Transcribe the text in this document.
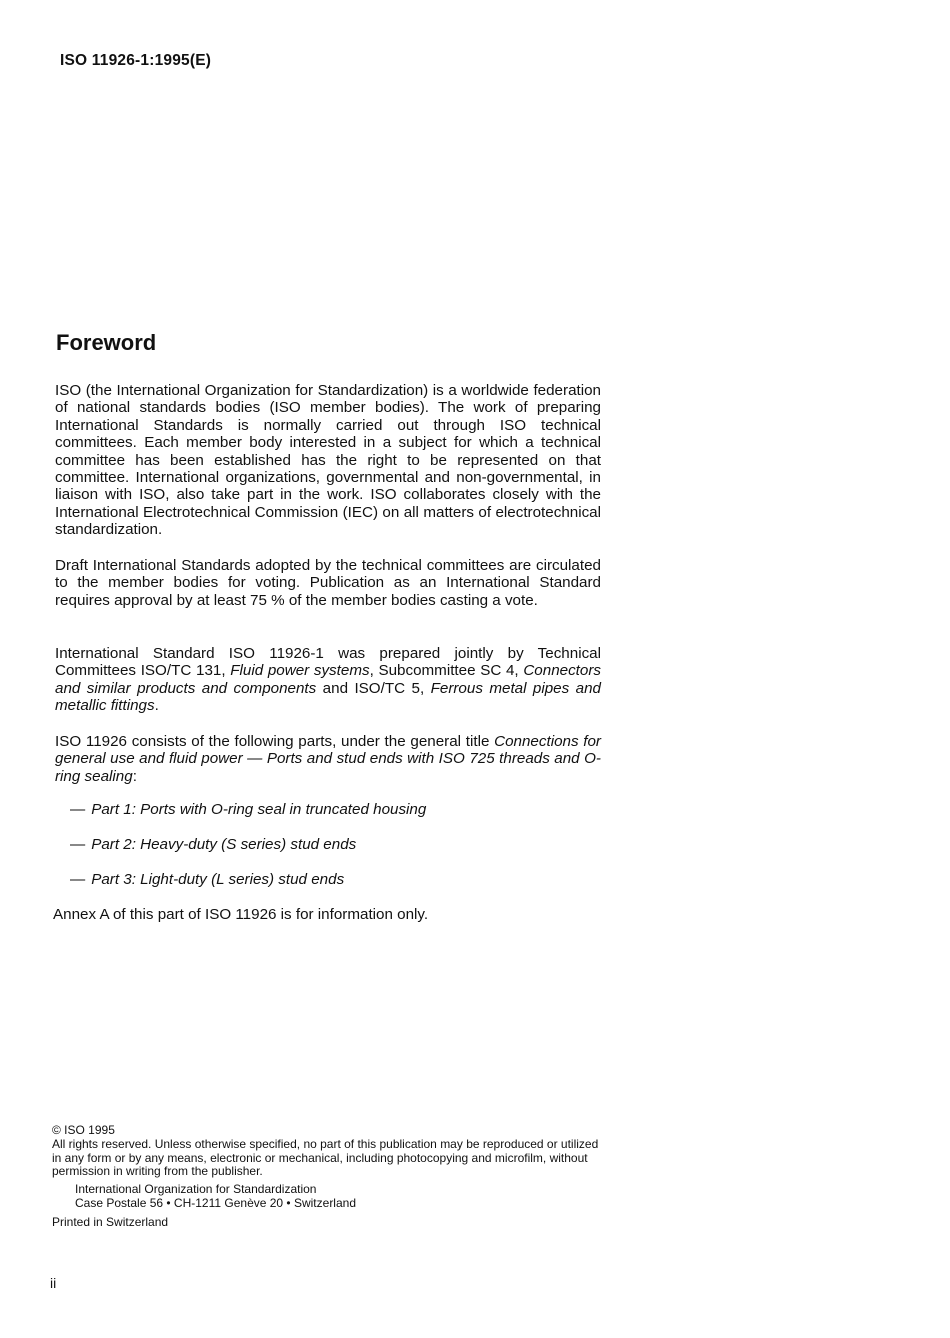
ISO 11926-1:1995(E)
Foreword
ISO (the International Organization for Standardization) is a worldwide federation of national standards bodies (ISO member bodies). The work of preparing International Standards is normally carried out through ISO technical committees. Each member body interested in a subject for which a technical committee has been established has the right to be represented on that committee. International organizations, governmental and non-governmental, in liaison with ISO, also take part in the work. ISO collaborates closely with the International Electrotechnical Commission (IEC) on all matters of electrotechnical standardization.
Draft International Standards adopted by the technical committees are circulated to the member bodies for voting. Publication as an International Standard requires approval by at least 75 % of the member bodies casting a vote.
International Standard ISO 11926-1 was prepared jointly by Technical Committees ISO/TC 131, Fluid power systems, Subcommittee SC 4, Connectors and similar products and components and ISO/TC 5, Ferrous metal pipes and metallic fittings.
ISO 11926 consists of the following parts, under the general title Connections for general use and fluid power — Ports and stud ends with ISO 725 threads and O-ring sealing:
— Part 1: Ports with O-ring seal in truncated housing
— Part 2: Heavy-duty (S series) stud ends
— Part 3: Light-duty (L series) stud ends
Annex A of this part of ISO 11926 is for information only.
© ISO 1995
All rights reserved. Unless otherwise specified, no part of this publication may be reproduced or utilized in any form or by any means, electronic or mechanical, including photocopying and microfilm, without permission in writing from the publisher.
International Organization for Standardization
Case Postale 56 • CH-1211 Genève 20 • Switzerland
Printed in Switzerland
ii
